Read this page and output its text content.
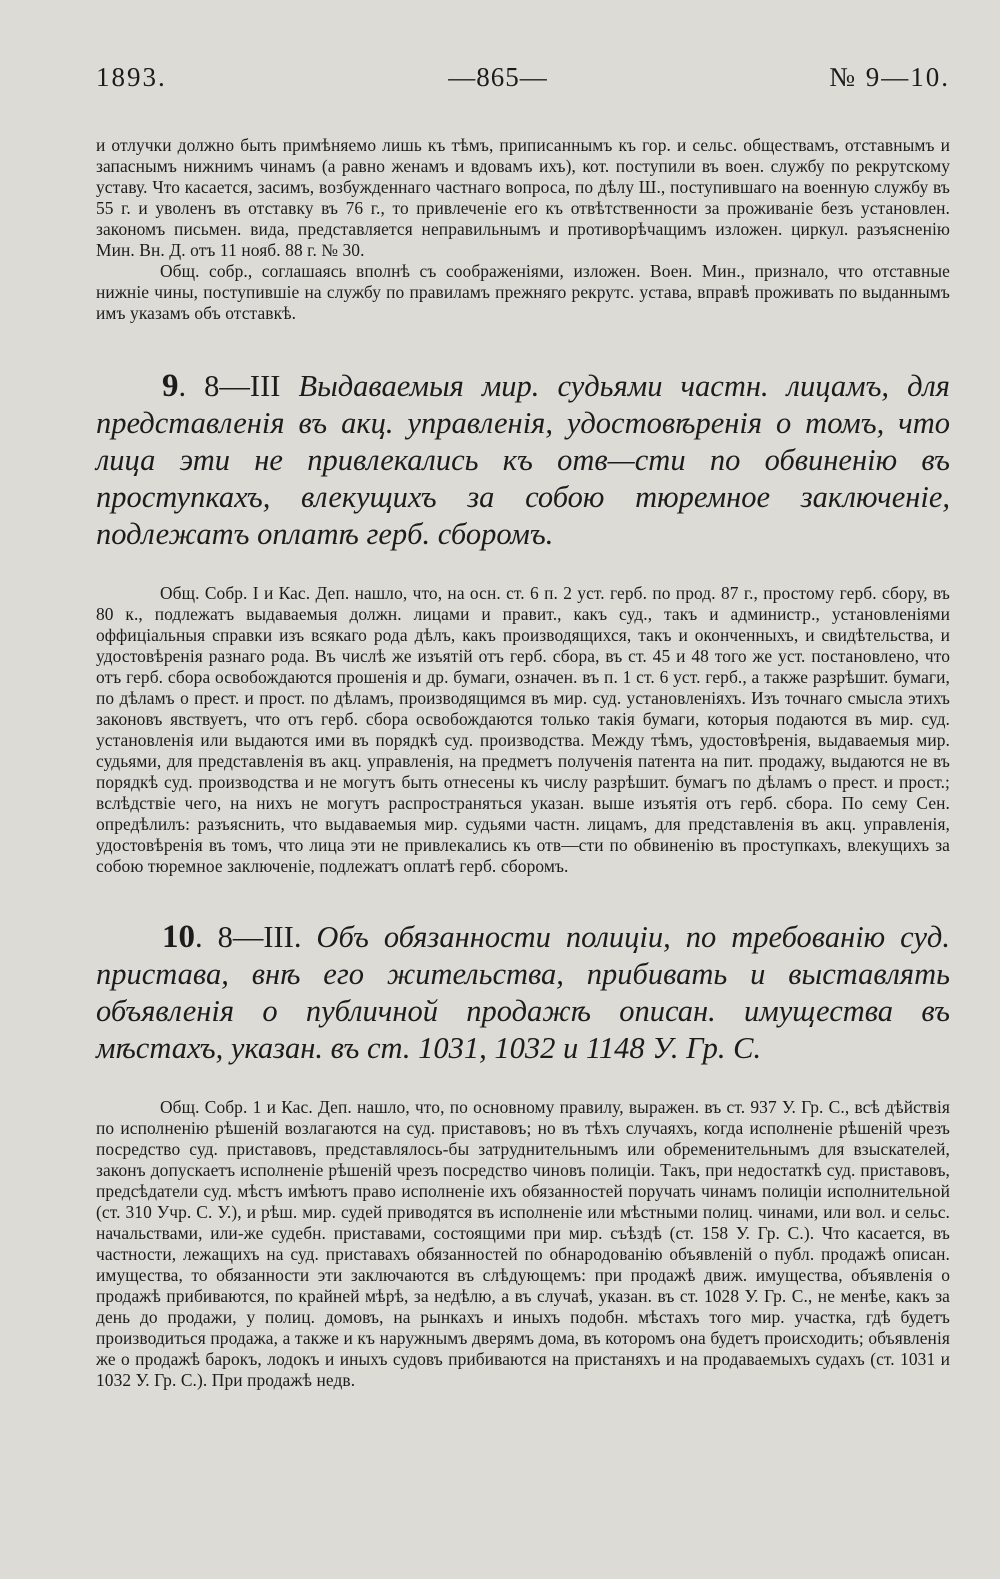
1893.	—865—	№ 9—10.

и отлучки должно быть примѣняемо лишь къ тѣмъ, приписаннымъ къ гор. и сельс. обществамъ, отставнымъ и запаснымъ нижнимъ чинамъ (а равно женамъ и вдовамъ ихъ), кот. поступили въ воен. службу по рекрутскому уставу. Что касается, засимъ, возбужденнаго частнаго вопроса, по дѣлу Ш., поступившаго на военную службу въ 55 г. и уволенъ въ отставку въ 76 г., то привлеченіе его къ отвѣтственности за проживаніе безъ установлен. закономъ письмен. вида, представляется неправильнымъ и противорѣчащимъ изложен. циркул. разъясненію Мин. Вн. Д. отъ 11 нояб. 88 г. № 30.

Общ. собр., соглашаясь вполнѣ съ соображеніями, изложен. Воен. Мин., признало, что отставные нижніе чины, поступившіе на службу по правиламъ прежняго рекрутс. устава, вправѣ проживать по выданнымъ имъ указамъ объ отставкѣ.

9. 8—III Выдаваемыя мир. судьями частн. лицамъ, для представленія въ акц. управленія, удостовѣренія о томъ, что лица эти не привлекались къ отв—сти по обвиненію въ проступкахъ, влекущихъ за собою тюремное заключеніе, подлежатъ оплатѣ герб. сборомъ.

Общ. Собр. I и Кас. Деп. нашло, что, на осн. ст. 6 п. 2 уст. герб. по прод. 87 г., простому герб. сбору, въ 80 к., подлежатъ выдаваемыя должн. лицами и правит., какъ суд., такъ и администр., установленіями оффиціальныя справки изъ всякаго рода дѣлъ, какъ производящихся, такъ и оконченныхъ, и свидѣтельства, и удостовѣренія разнаго рода. Въ числѣ же изъятій отъ герб. сбора, въ ст. 45 и 48 того же уст. постановлено, что отъ герб. сбора освобождаются прошенія и др. бумаги, означен. въ п. 1 ст. 6 уст. герб., а также разрѣшит. бумаги, по дѣламъ о прест. и прост. по дѣламъ, производящимся въ мир. суд. установленіяхъ. Изъ точнаго смысла этихъ законовъ явствуетъ, что отъ герб. сбора освобождаются только такія бумаги, которыя подаются въ мир. суд. установленія или выдаются ими въ порядкѣ суд. производства. Между тѣмъ, удостовѣренія, выдаваемыя мир. судьями, для представленія въ акц. управленія, на предметъ полученія патента на пит. продажу, выдаются не въ порядкѣ суд. производства и не могутъ быть отнесены къ числу разрѣшит. бумагъ по дѣламъ о прест. и прост.; вслѣдствіе чего, на нихъ не могутъ распространяться указан. выше изъятія отъ герб. сбора. По сему Сен. опредѣлилъ: разъяснить, что выдаваемыя мир. судьями частн. лицамъ, для представленія въ акц. управленія, удостовѣренія въ томъ, что лица эти не привлекались къ отв—сти по обвиненію въ проступкахъ, влекущихъ за собою тюремное заключеніе, подлежатъ оплатѣ герб. сборомъ.

10. 8—III. Объ обязанности полиціи, по требованію суд. пристава, внѣ его жительства, прибивать и выставлять объявленія о публичной продажѣ описан. имущества въ мѣстахъ, указан. въ ст. 1031, 1032 и 1148 У. Гр. С.

Общ. Собр. 1 и Кас. Деп. нашло, что, по основному правилу, выражен. въ ст. 937 У. Гр. С., всѣ дѣйствія по исполненію рѣшеній возлагаются на суд. приставовъ; но въ тѣхъ случаяхъ, когда исполненіе рѣшеній чрезъ посредство суд. приставовъ, представлялось-бы затруднительнымъ или обременительнымъ для взыскателей, законъ допускаетъ исполненіе рѣшеній чрезъ посредство чиновъ полиціи. Такъ, при недостаткѣ суд. приставовъ, предсѣдатели суд. мѣстъ имѣютъ право исполненіе ихъ обязанностей поручать чинамъ полиціи исполнительной (ст. 310 Учр. С. У.), и рѣш. мир. судей приводятся въ исполненіе или мѣстными полиц. чинами, или вол. и сельс. начальствами, или-же судебн. приставами, состоящими при мир. съѣздѣ (ст. 158 У. Гр. С.). Что касается, въ частности, лежащихъ на суд. приставахъ обязанностей по обнародованію объявленій о публ. продажѣ описан. имущества, то обязанности эти заключаются въ слѣдующемъ: при продажѣ движ. имущества, объявленія о продажѣ прибиваются, по крайней мѣрѣ, за недѣлю, а въ случаѣ, указан. въ ст. 1028 У. Гр. С., не менѣе, какъ за день до продажи, у полиц. домовъ, на рынкахъ и иныхъ подобн. мѣстахъ того мир. участка, гдѣ будетъ производиться продажа, а также и къ наружнымъ дверямъ дома, въ которомъ она будетъ происходить; объявленія же о продажѣ барокъ, лодокъ и иныхъ судовъ прибиваются на пристаняхъ и на продаваемыхъ судахъ (ст. 1031 и 1032 У. Гр. С.). При продажѣ недв.
